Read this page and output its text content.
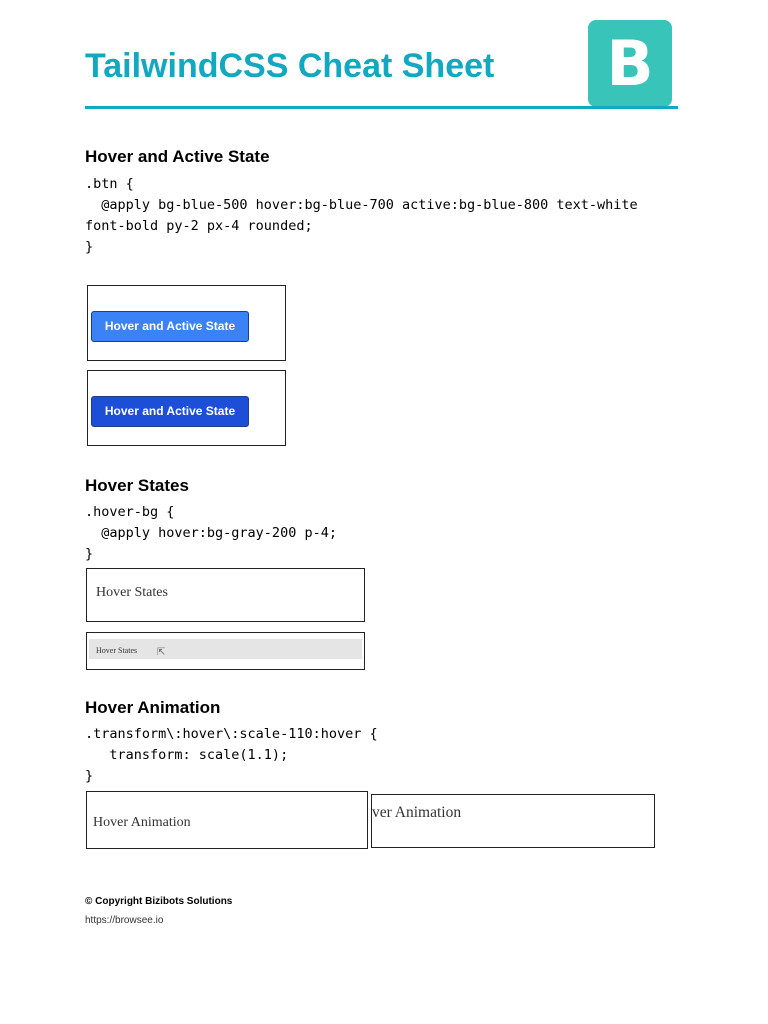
TailwindCSS Cheat Sheet B
Hover and Active State
.btn {
@apply bg-blue-500 hover:bg-blue-700 active:bg-blue-800 text-white
font-bold py-2 px-4 rounded;
}
Hover and Active State
Hover and Active State
Hover States
.hover-bg {
@apply hover:bg-gray-200 p-4;
}
Hover States
Hover States ⇱
Hover Animation
.transform\:hover\:scale-110:hover {
transform: scale(1.1);
}
Hover Animation
ver Animation

© Copyright Bizibots Solutions

https://browsee.io
